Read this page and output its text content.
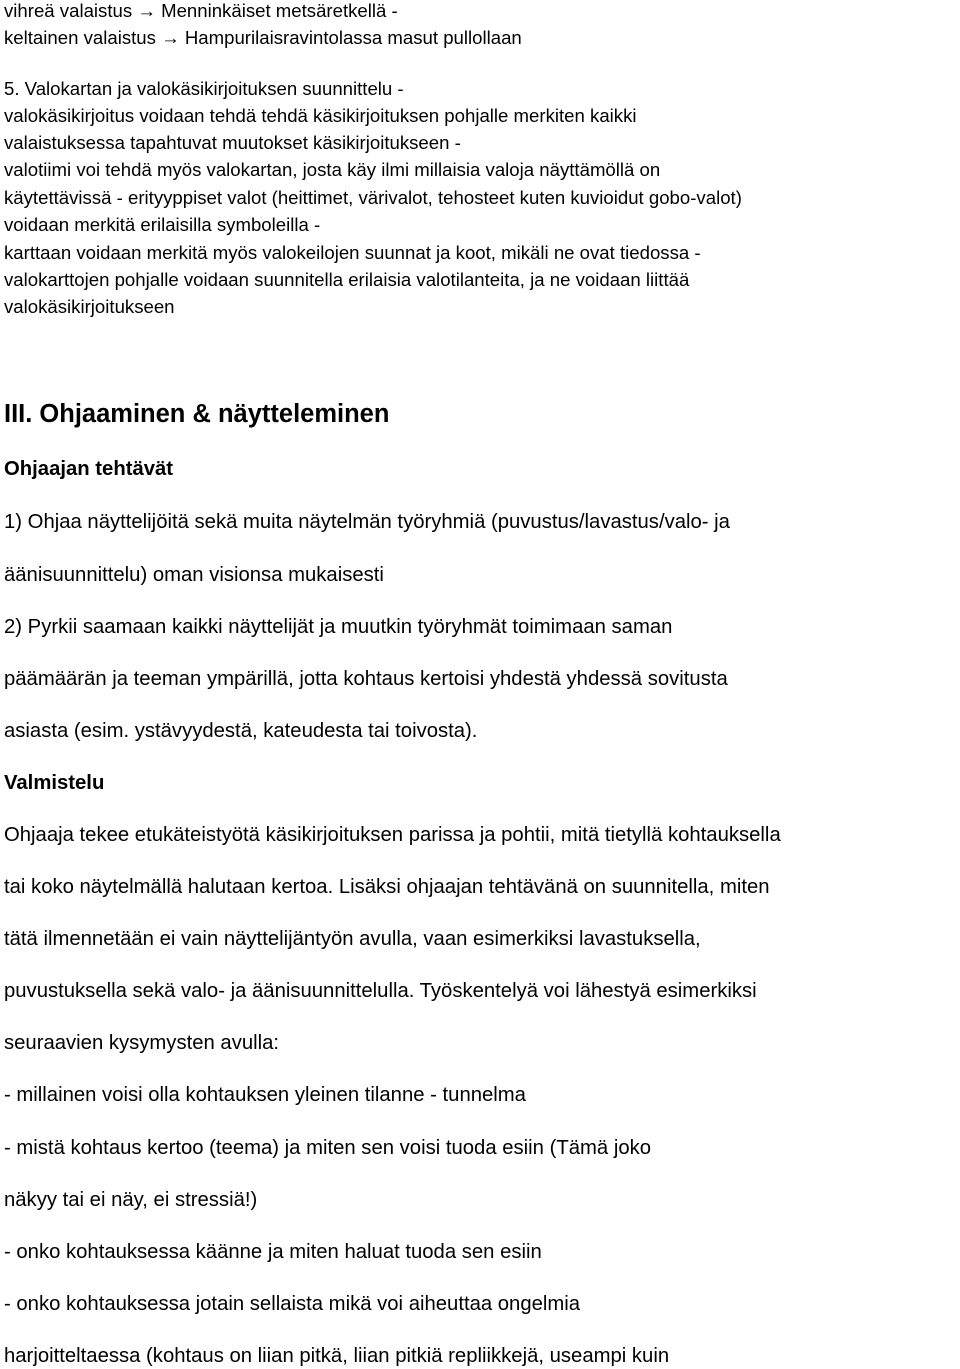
vihreä valaistus → Menninkäiset metsäretkellä -
keltainen valaistus → Hampurilaisravintolassa masut pullollaan
5. Valokartan ja valokäsikirjoituksen suunnittelu -
valokäsikirjoitus voidaan tehdä tehdä käsikirjoituksen pohjalle merkiten kaikki
valaistuksessa tapahtuvat muutokset käsikirjoitukseen -
valotiimi voi tehdä myös valokartan, josta käy ilmi millaisia valoja näyttämöllä on
käytettävissä - erityyppiset valot (heittimet, värivalot, tehosteet kuten kuvioidut gobo-valot)
voidaan merkitä erilaisilla symboleilla -
karttaan voidaan merkitä myös valokeilojen suunnat ja koot, mikäli ne ovat tiedossa -
valokarttojen pohjalle voidaan suunnitella erilaisia valotilanteita, ja ne voidaan liittää
valokäsikirjoitukseen
III. Ohjaaminen & näytteleminen
Ohjaajan tehtävät
1) Ohjaa näyttelijöitä sekä muita näytelmän työryhmiä (puvustus/lavastus/valo- ja
äänisuunnittelu) oman visionsa mukaisesti
2) Pyrkii saamaan kaikki näyttelijät ja muutkin työryhmät toimimaan saman
päämäärän ja teeman ympärillä, jotta kohtaus kertoisi yhdestä yhdessä sovitusta
asiasta (esim. ystävyydestä, kateudesta tai toivosta).
Valmistelu
Ohjaaja tekee etukäteistyötä käsikirjoituksen parissa ja pohtii, mitä tietyllä kohtauksella
tai koko näytelmällä halutaan kertoa. Lisäksi ohjaajan tehtävänä on suunnitella, miten
tätä ilmennetään ei vain näyttelijäntyön avulla, vaan esimerkiksi lavastuksella,
puvustuksella sekä valo- ja äänisuunnittelulla. Työskentelyä voi lähestyä esimerkiksi
seuraavien kysymysten avulla:
- millainen voisi olla kohtauksen yleinen tilanne - tunnelma
- mistä kohtaus kertoo (teema) ja miten sen voisi tuoda esiin (Tämä joko
näkyy tai ei näy, ei stressiä!)
- onko kohtauksessa käänne ja miten haluat tuoda sen esiin
- onko kohtauksessa jotain sellaista mikä voi aiheuttaa ongelmia
harjoitteltaessa (kohtaus on liian pitkä, liian pitkiä repliikkejä, useampi kuin
